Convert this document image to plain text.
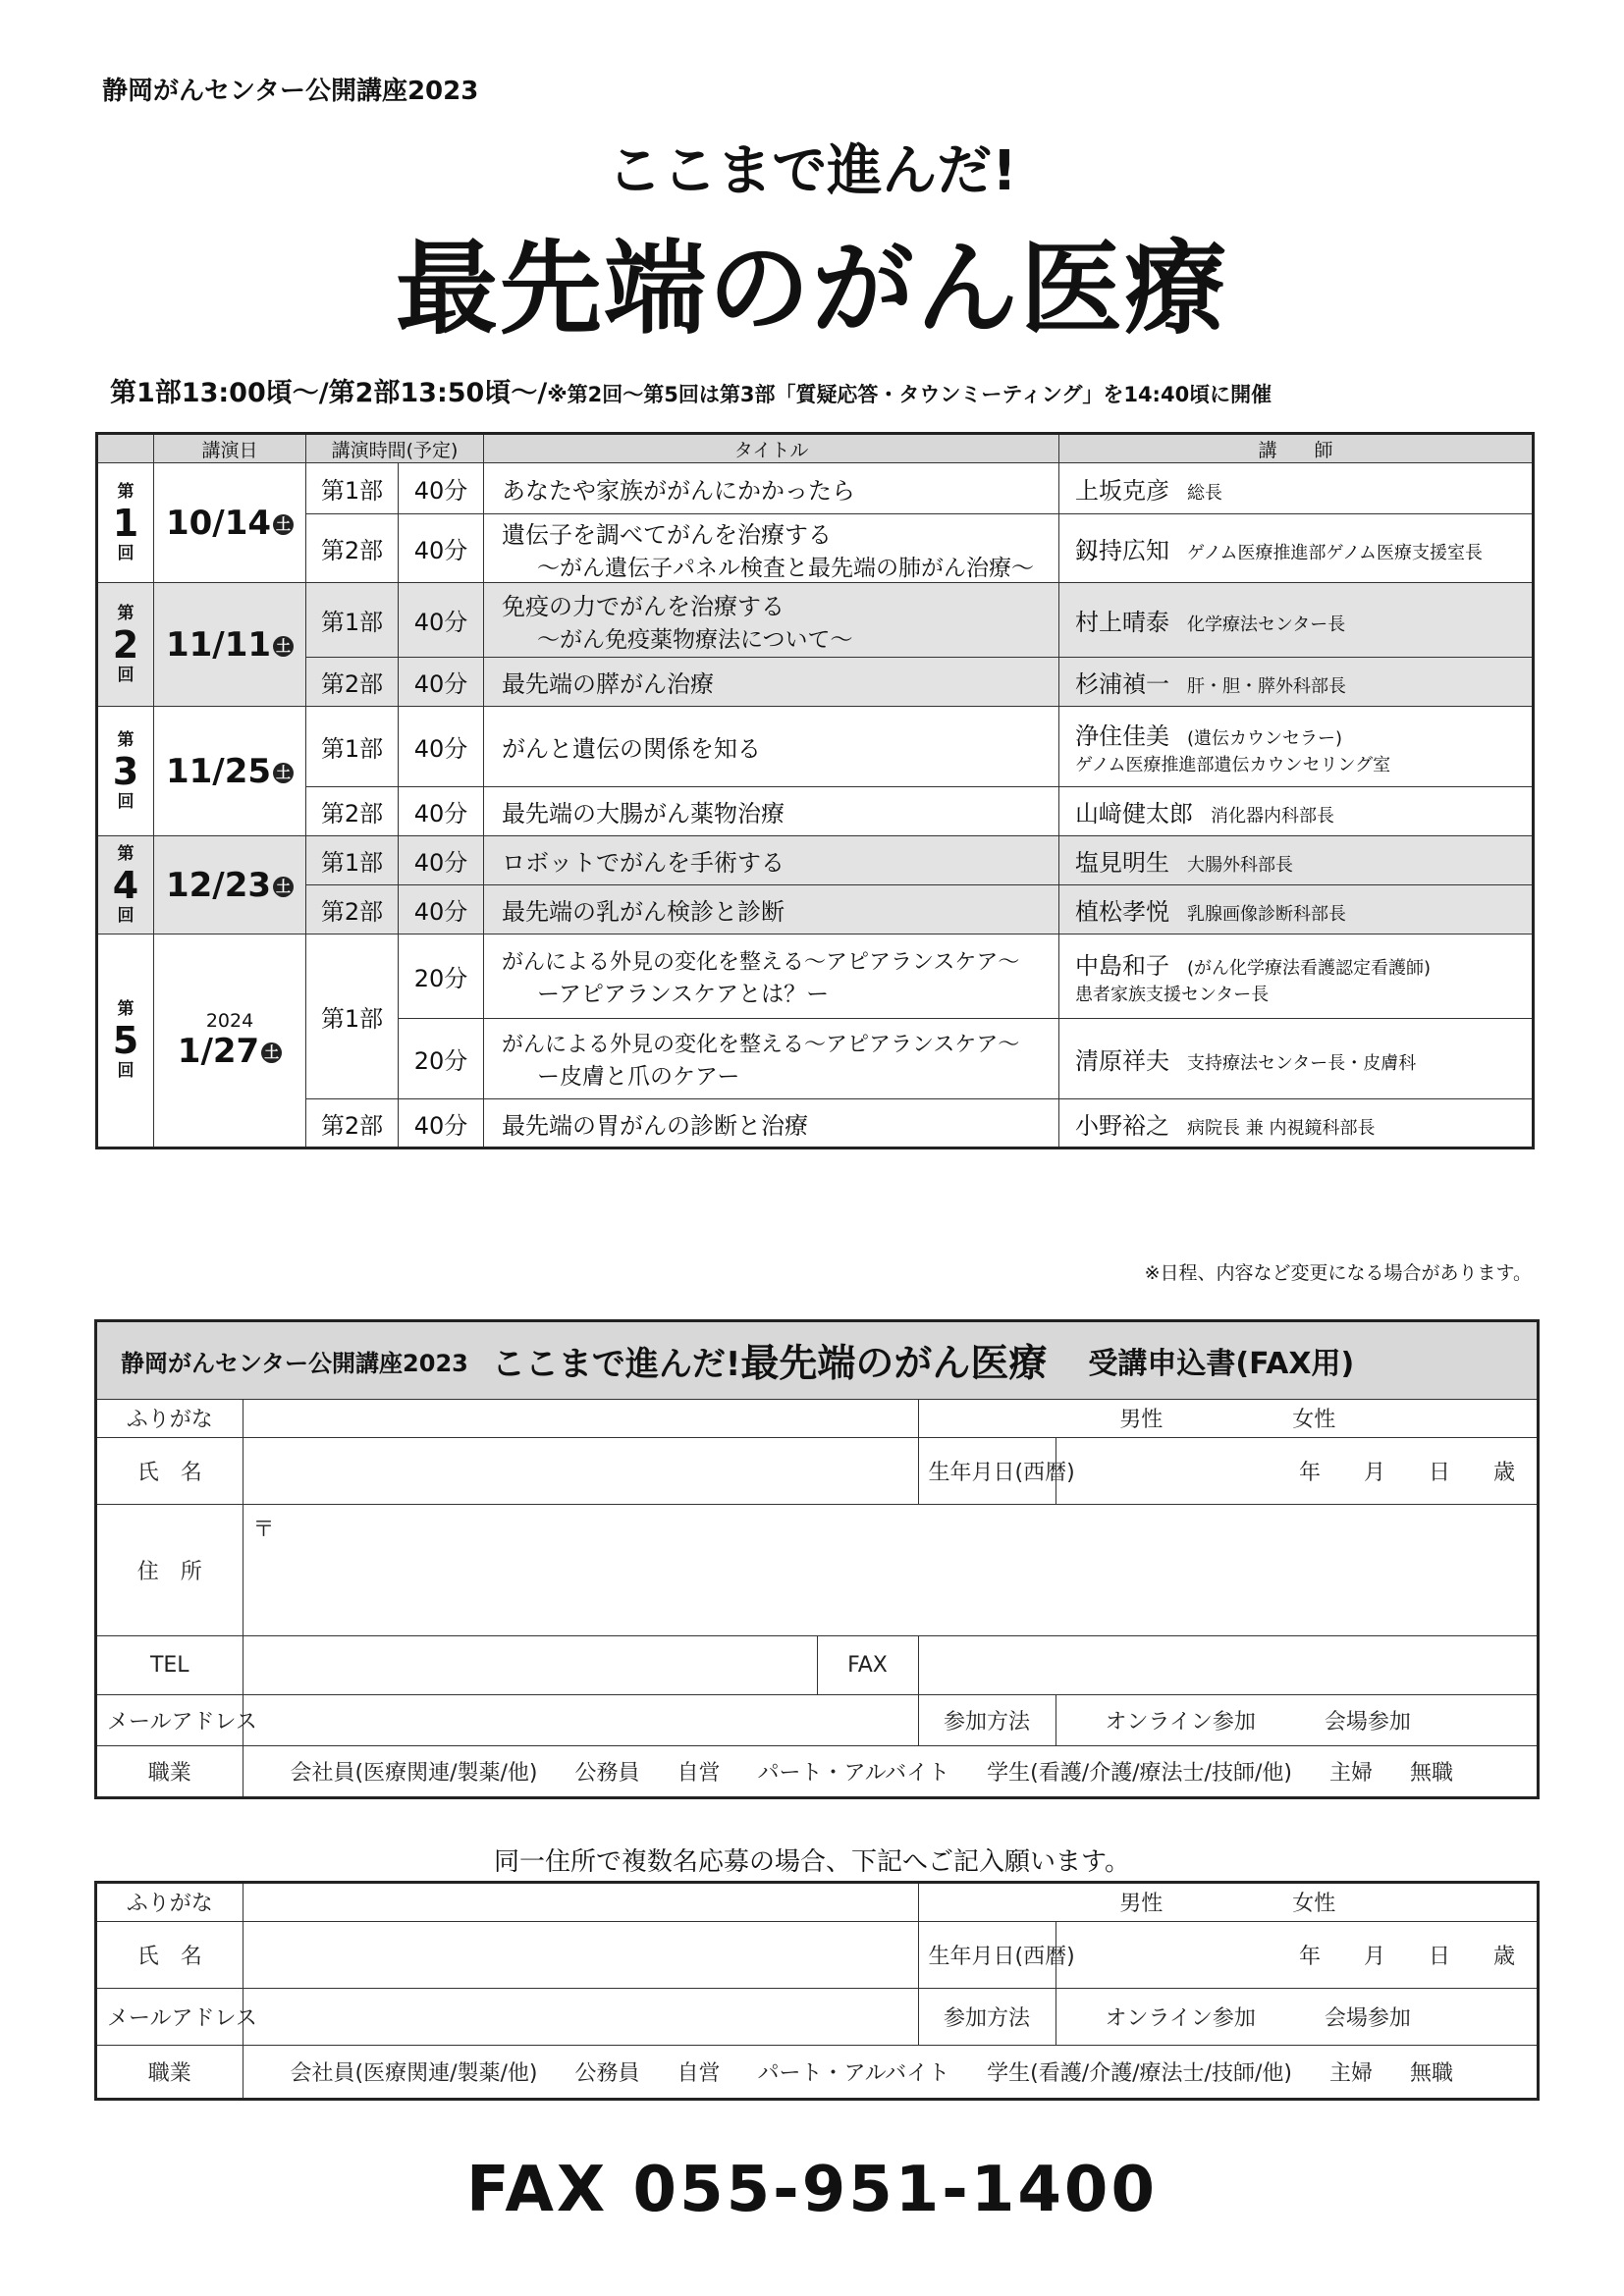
静岡がんセンター公開講座2023
ここまで進んだ!
最先端のがん医療
第1部13:00頃〜/第2部13:50頃〜/※第2回〜第5回は第3部「質疑応答・タウンミーティング」を14:40頃に開催
	講演日	講演時間(予定)		タイトル	講　　師

第
1
回	10/14 土	第1部	40分	あなたや家族ががんにかかったら	上坂克彦 総長
		第2部	40分	遺伝子を調べてがんを治療する
〜がん遺伝子パネル検査と最先端の肺がん治療〜	釼持広知 ゲノム医療推進部ゲノム医療支援室長

第
2
回	11/11 土	第1部	40分	免疫の力でがんを治療する
〜がん免疫薬物療法について〜	村上晴泰 化学療法センター長
		第2部	40分	最先端の膵がん治療	杉浦禎一 肝・胆・膵外科部長

第
3
回	11/25 土	第1部	40分	がんと遺伝の関係を知る	浄住佳美 (遺伝カウンセラー)
ゲノム医療推進部遺伝カウンセリング室

		第2部	40分	最先端の大腸がん薬物治療	山﨑健太郎 消化器内科部長

第
4
回	12/23 土	第1部	40分	ロボットでがんを手術する	塩見明生 大腸外科部長
		第2部	40分	最先端の乳がん検診と診断	植松孝悦 乳腺画像診断科部長

第
5
回	2024
1/27 土	第1部	20分	がんによる外見の変化を整える〜アピアランスケア〜
ーアピアランスケアとは？ー	中島和子 (がん化学療法看護認定看護師)
患者家族支援センター長

			20分	がんによる外見の変化を整える〜アピアランスケア〜
ー皮膚と爪のケアー	清原祥夫 支持療法センター長・皮膚科
		第2部	40分	最先端の胃がんの診断と治療	小野裕之 病院長 兼 内視鏡科部長
※日程、内容など変更になる場合があります。
静岡がんセンター公開講座2023 ここまで進んだ! 最先端のがん医療 受講申込書(FAX用)
ふりがな			男性　　　　　　女性	
氏　名			生年月日(西暦)	年　　月　　日　　歳
住　所	〒			
TEL		FAX		
メールアドレス			参加方法	オンライン参加 会場参加
職業	会社員(医療関連/製薬/他) 公務員 自営 パート・アルバイト 学生(看護/介護/療法士/技師/他) 主婦 無職			
同一住所で複数名応募の場合、下記へご記入願います。
ふりがな		男性　　　　　　女性	
氏　名		生年月日(西暦)	年　　月　　日　　歳
メールアドレス		参加方法	オンライン参加 会場参加
職業	会社員(医療関連/製薬/他) 公務員 自営 パート・アルバイト 学生(看護/介護/療法士/技師/他) 主婦 無職		
FAX 055-951-1400
